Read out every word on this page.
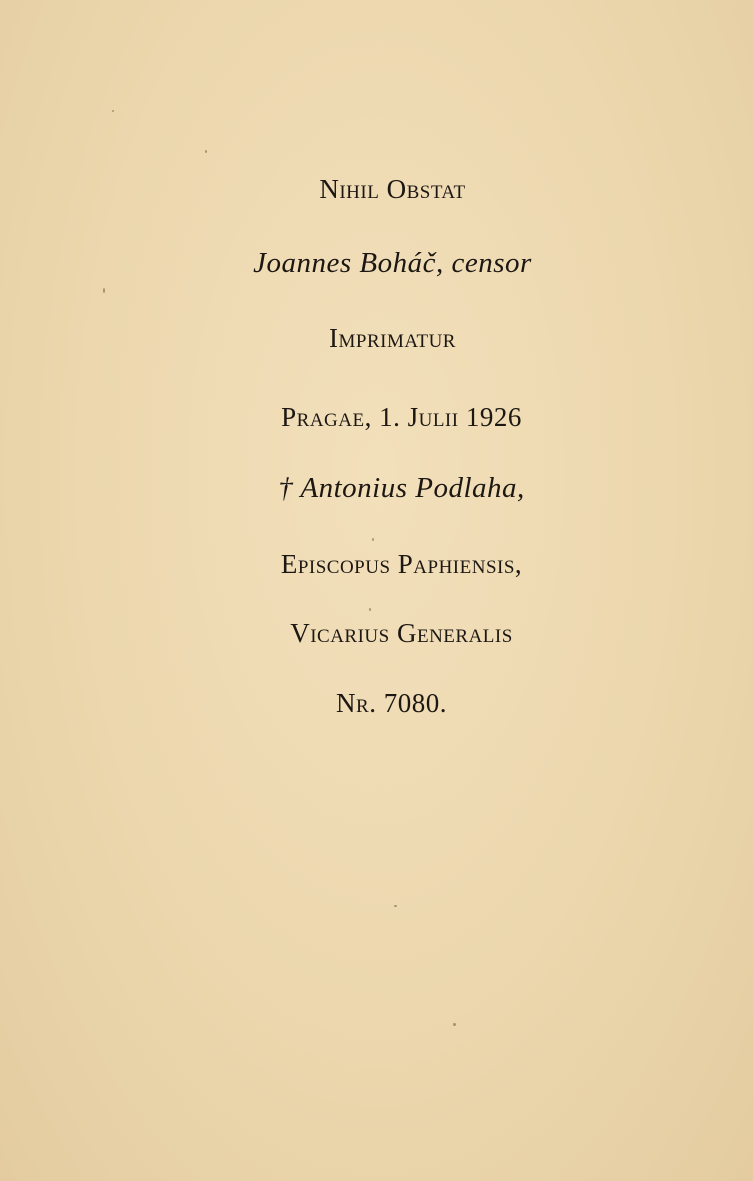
Nihil Obstat
Joannes Boháč, censor
Imprimatur
Pragae, 1. Julii 1926
† Antonius Podlaha,
Episcopus Paphiensis,
Vicarius Generalis
Nr. 7080.
